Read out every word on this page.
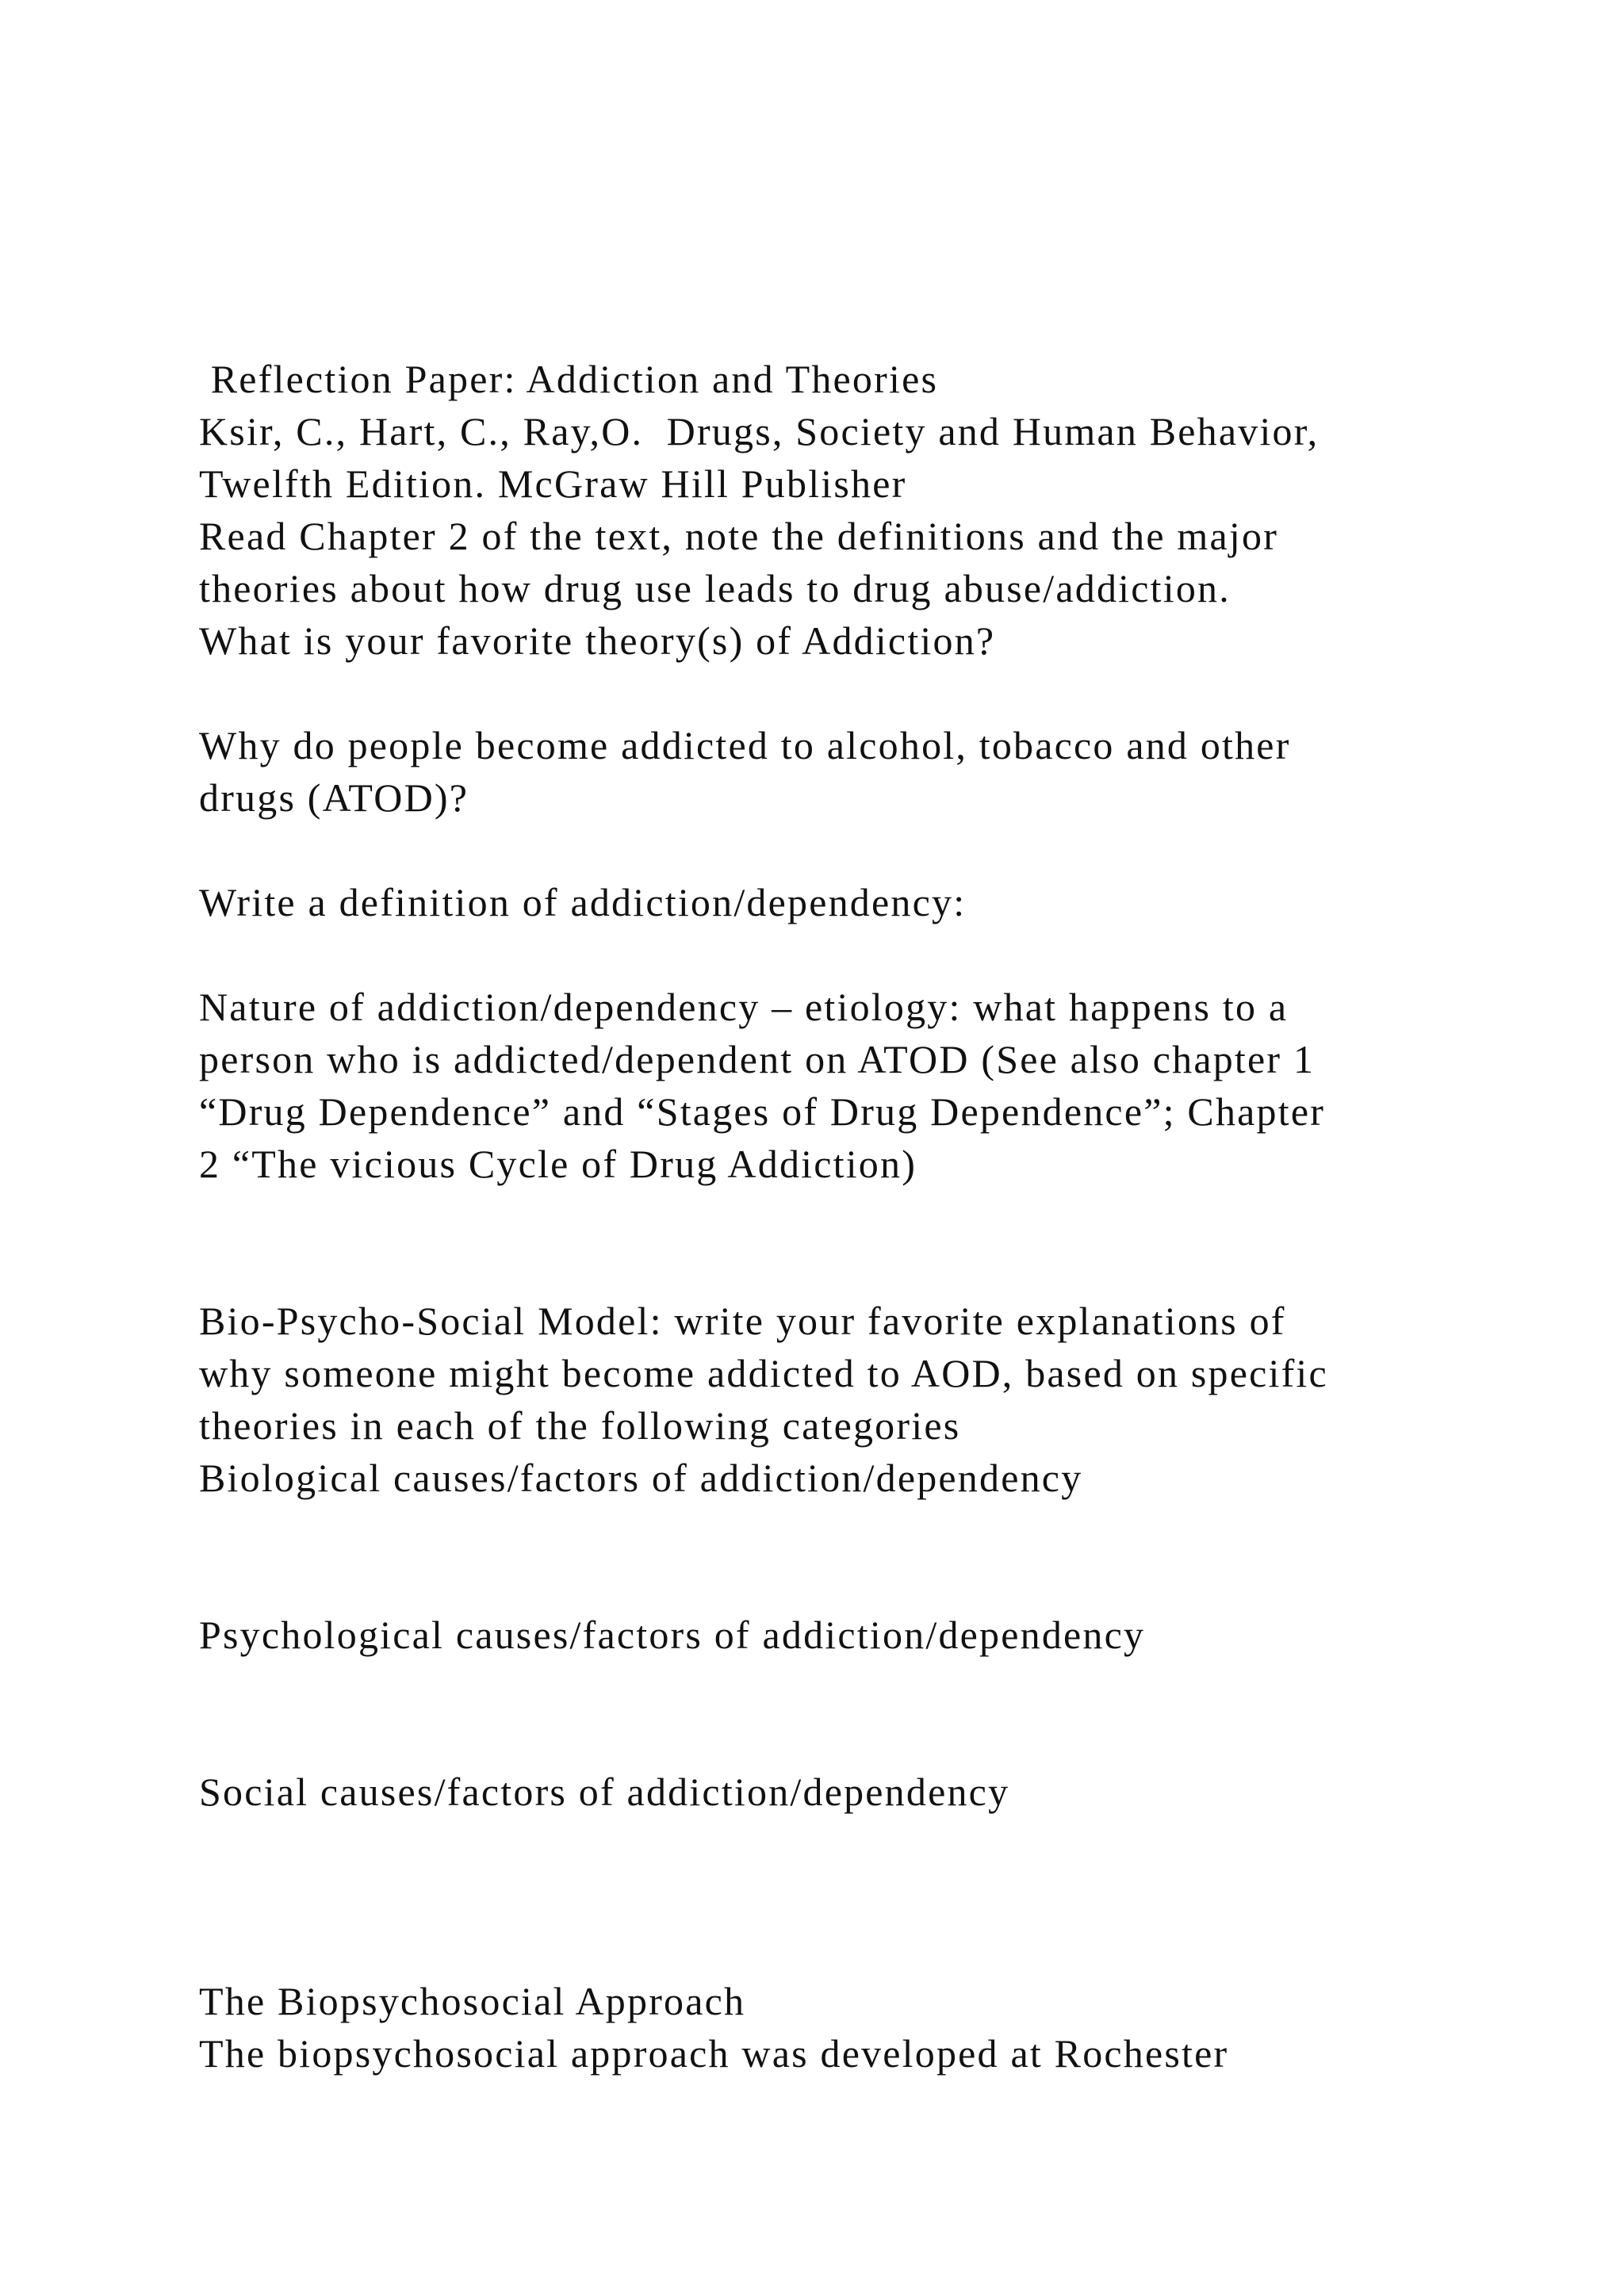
Reflection Paper: Addiction and Theories
Ksir, C., Hart, C., Ray,O.  Drugs, Society and Human Behavior,
Twelfth Edition. McGraw Hill Publisher
Read Chapter 2 of the text, note the definitions and the major
theories about how drug use leads to drug abuse/addiction.
What is your favorite theory(s) of Addiction?
Why do people become addicted to alcohol, tobacco and other
drugs (ATOD)?
Write a definition of addiction/dependency:
Nature of addiction/dependency – etiology: what happens to a
person who is addicted/dependent on ATOD (See also chapter 1
“Drug Dependence” and “Stages of Drug Dependence”; Chapter
2 “The vicious Cycle of Drug Addiction)
Bio-Psycho-Social Model: write your favorite explanations of
why someone might become addicted to AOD, based on specific
theories in each of the following categories
Biological causes/factors of addiction/dependency
Psychological causes/factors of addiction/dependency
Social causes/factors of addiction/dependency
The Biopsychosocial Approach
The biopsychosocial approach was developed at Rochester
